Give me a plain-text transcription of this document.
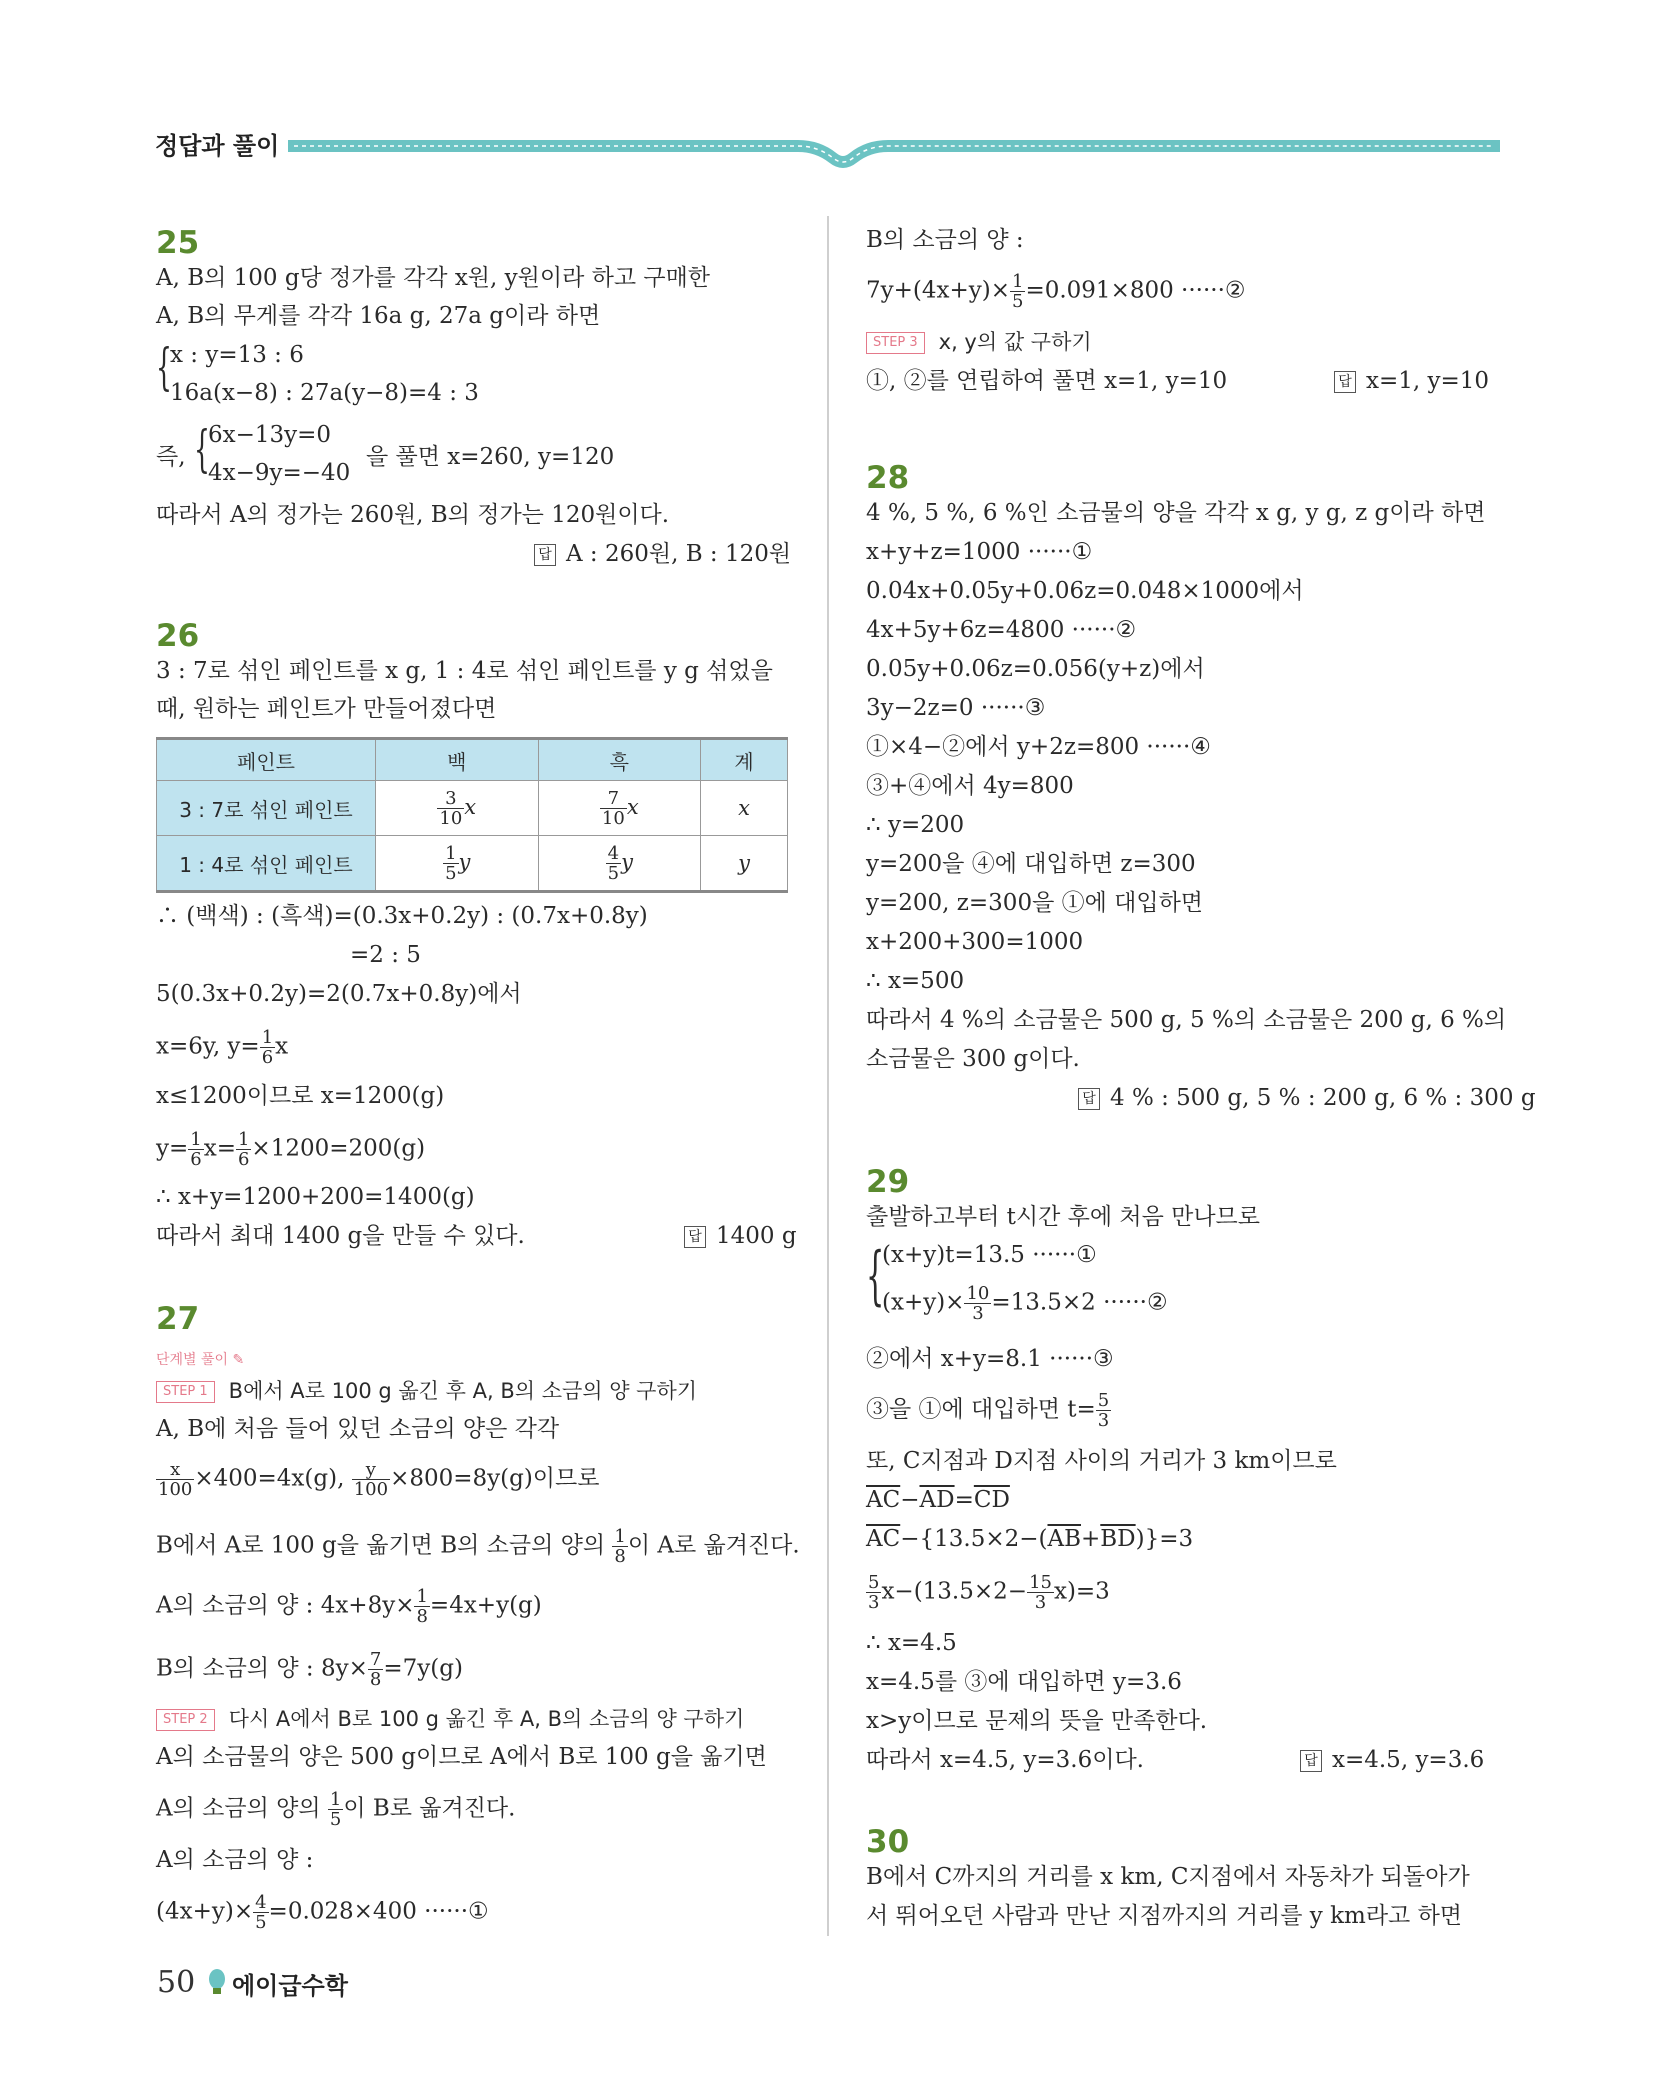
정답과 풀이
25
A, B의 100 g당 정가를 각각 x원, y원이라 하고 구매한
A, B의 무게를 각각 16a g, 27a g이라 하면
{
x : y=13 : 6
16a(x−8) : 27a(y−8)=4 : 3
즉, {
6x−13y=0
4x−9y=−40
을 풀면 x=260, y=120
따라서 A의 정가는 260원, B의 정가는 120원이다.
답 A : 260원, B : 120원
26
3 : 7로 섞인 페인트를 x g, 1 : 4로 섞인 페인트를 y g 섞었을
때, 원하는 페인트가 만들어졌다면
페인트	백	흑	계
3 : 7로 섞인 페인트	$\frac{3}{10}$ x	$\frac{7}{10}$ x	x
1 : 4로 섞인 페인트	$\frac{1}{5}$ y	$\frac{4}{5}$ y	y
∴ (백색) : (흑색)=(0.3x+0.2y) : (0.7x+0.8y)
=2 : 5
5(0.3x+0.2y)=2(0.7x+0.8y)에서
x=6y, $y= \frac{1}{6}$ x
x≤1200이므로 x=1200(g)
$y= \frac{1}{6} x= \frac{1}{6} \times 1200=200(g)$
∴ x+y=1200+200=1400(g)
따라서 최대 1400 g을 만들 수 있다.	답 1400 g
27
단계별 풀이 ✎
STEP 1 B에서 A로 100 g 옮긴 후 A, B의 소금의 양 구하기
A, B에 처음 들어 있던 소금의 양은 각각
$\frac{x}{100} \times 400=4x(g)$, $\frac{y}{100} \times 800=8y(g)$이므로
B에서 A로 100 g을 옮기면 B의 소금의 양의 $\frac{1}{8}$ 이 A로 옮겨진다.
A의 소금의 양 : $4x+8y\times \frac{1}{8} =4x+y(g)$
B의 소금의 양 : $8y\times \frac{7}{8} =7y(g)$
STEP 2 다시 A에서 B로 100 g 옮긴 후 A, B의 소금의 양 구하기
A의 소금물의 양은 500 g이므로 A에서 B로 100 g을 옮기면
A의 소금의 양의 $\frac{1}{5}$ 이 B로 옮겨진다.
A의 소금의 양 :
$(4x+y)\times \frac{4}{5} =0.028\times 400$ ······①
B의 소금의 양 :
$7y+(4x+y)\times \frac{1}{5} =0.091\times 800$ ······②
STEP 3 x, y의 값 구하기
①, ②를 연립하여 풀면 x=1, y=10	답 x=1, y=10
28
4 %, 5 %, 6 %인 소금물의 양을 각각 x g, y g, z g이라 하면
x+y+z=1000 ······①
0.04x+0.05y+0.06z=0.048×1000에서
4x+5y+6z=4800 ······②
0.05y+0.06z=0.056(y+z)에서
3y−2z=0 ······③
①×4−②에서 y+2z=800 ······④
③+④에서 4y=800
∴ y=200
y=200을 ④에 대입하면 z=300
y=200, z=300을 ①에 대입하면
x+200+300=1000
∴ x=500
따라서 4 %의 소금물은 500 g, 5 %의 소금물은 200 g, 6 %의
소금물은 300 g이다.
답 4 % : 500 g, 5 % : 200 g, 6 % : 300 g
29
출발하고부터 t시간 후에 처음 만나므로
{
(x+y)t=13.5 ······①
$(x+y)\times \frac{10}{3} =13.5\times 2$ ······②
②에서 x+y=8.1 ······③
③을 ①에 대입하면 $t= \frac{5}{3}$
또, C지점과 D지점 사이의 거리가 3 km이므로
$\overline{AC}-\overline{AD}=\overline{CD}$
$\overline{AC}-\{13.5\times 2-(\overline{AB}+\overline{BD})\}=3$
$\frac{5}{3} x-(13.5\times 2- \frac{15}{3} x)=3$
∴ x=4.5
x=4.5를 ③에 대입하면 y=3.6
x>y이므로 문제의 뜻을 만족한다.
따라서 x=4.5, y=3.6이다.	답 x=4.5, y=3.6
30
B에서 C까지의 거리를 x km, C지점에서 자동차가 되돌아가
서 뛰어오던 사람과 만난 지점까지의 거리를 y km라고 하면
50 에이급수학
